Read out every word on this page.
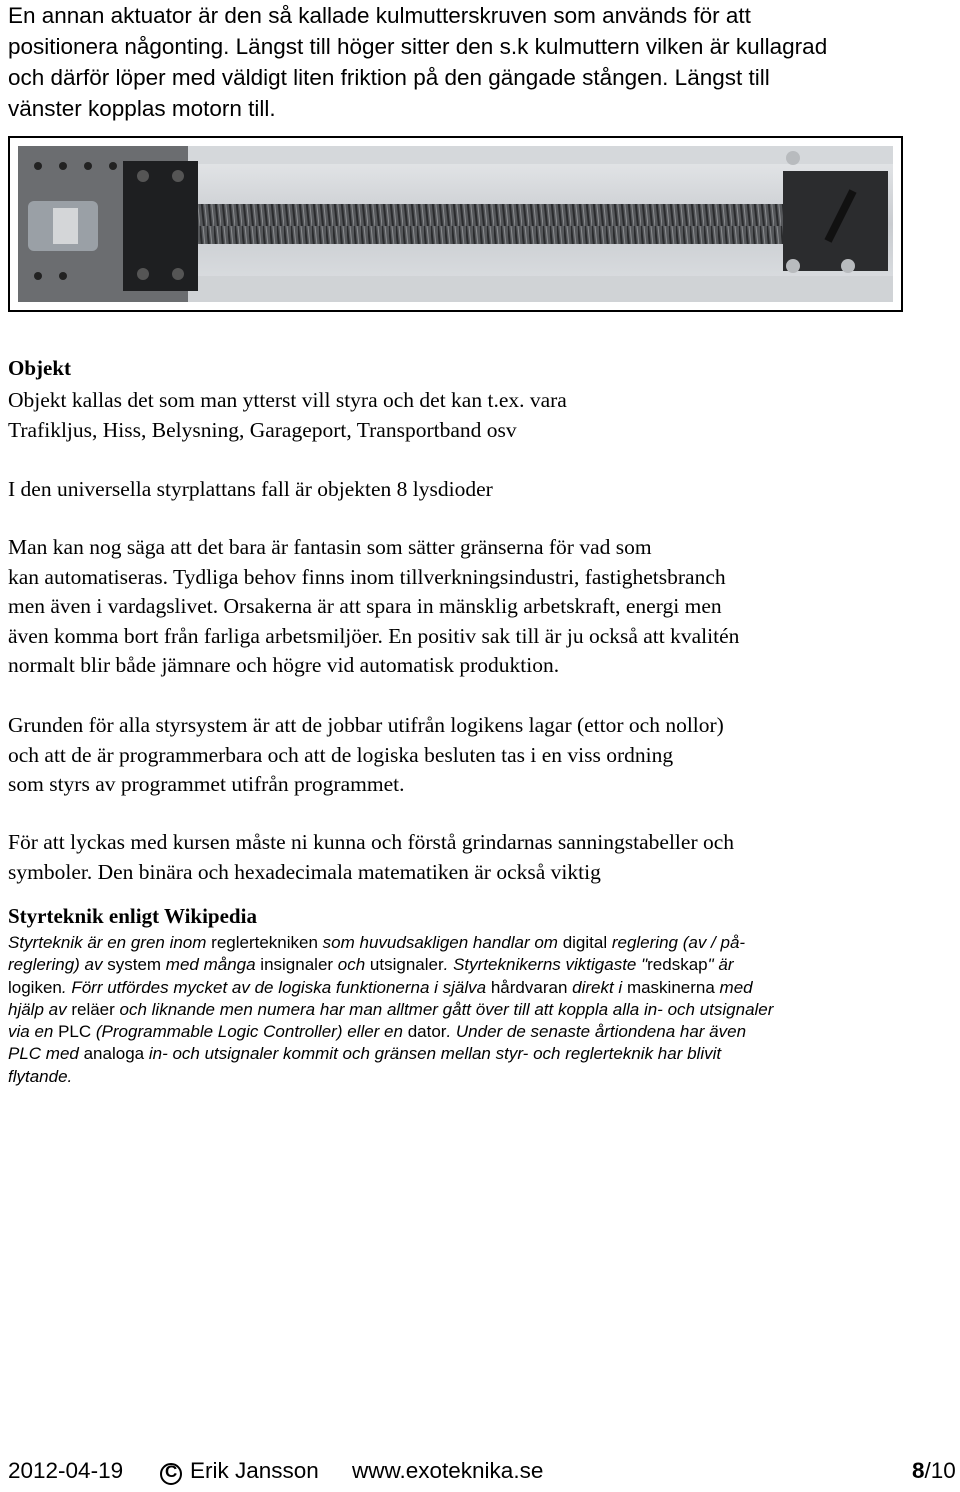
En annan aktuator är den så kallade kulmutterskruven som används för att

positionera någonting. Längst till höger sitter den s.k kulmuttern vilken är kullagrad

och därför löper med väldigt liten friktion på den gängade stången. Längst till

vänster kopplas motorn till.

Objekt

Objekt kallas det som man ytterst vill styra och det kan t.ex. vara

Trafikljus, Hiss, Belysning, Garageport, Transportband osv

I den universella styrplattans fall är objekten 8 lysdioder

Man kan nog säga att det bara är fantasin som sätter gränserna för vad som

kan automatiseras. Tydliga behov finns inom tillverkningsindustri, fastighetsbranch

men även i vardagslivet. Orsakerna är att spara in mänsklig arbetskraft, energi men

även komma bort från farliga arbetsmiljöer. En positiv sak till är ju också att kvalitén

normalt blir både jämnare och högre vid automatisk produktion.

Grunden för alla styrsystem är att de jobbar utifrån logikens lagar (ettor och nollor)

och att de är programmerbara och att de logiska besluten tas i en viss ordning

som styrs av programmet utifrån programmet.

För att lyckas med kursen måste ni kunna och förstå grindarnas sanningstabeller och

symboler. Den binära och hexadecimala matematiken är också viktig

Styrteknik enligt Wikipedia

Styrteknik är en gren inom reglertekniken som huvudsakligen handlar om digital reglering (av / på-

reglering) av system med många insignaler och utsignaler. Styrteknikerns viktigaste "redskap" är

logiken. Förr utfördes mycket av de logiska funktionerna i själva hårdvaran direkt i maskinerna med

hjälp av reläer och liknande men numera har man alltmer gått över till att koppla alla in- och utsignaler

via en PLC (Programmable Logic Controller) eller en dator. Under de senaste årtiondena har även

PLC med analoga in- och utsignaler kommit och gränsen mellan styr- och reglerteknik har blivit

flytande.

2012-04-19
C	Erik Jansson www.exoteknika.se	8/10
